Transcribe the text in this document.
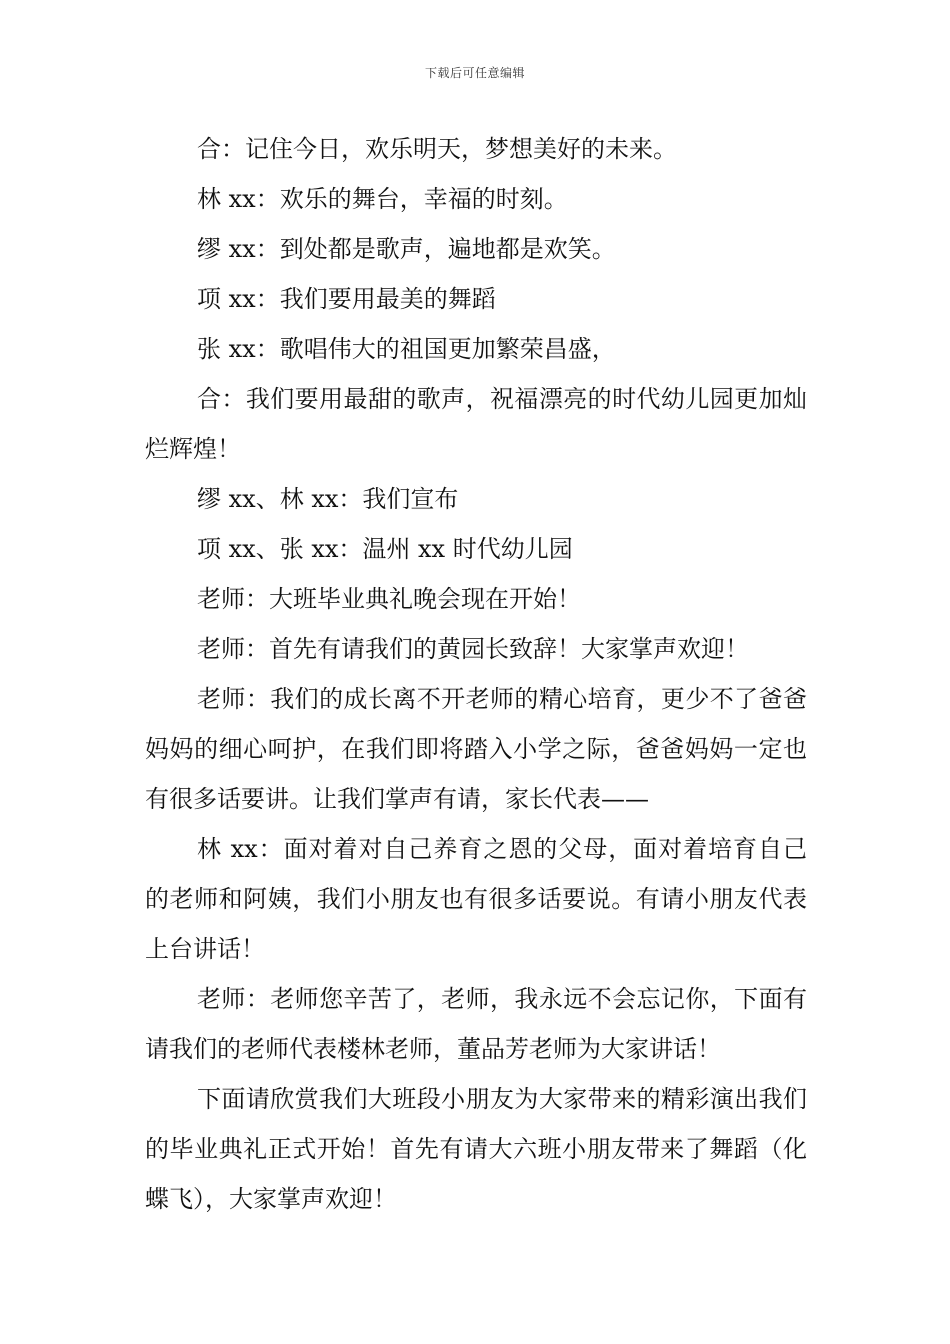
下载后可任意编辑

合：记住今日，欢乐明天，梦想美好的未来。

林 xx：欢乐的舞台，幸福的时刻。

缪 xx：到处都是歌声，遍地都是欢笑。

项 xx：我们要用最美的舞蹈

张 xx：歌唱伟大的祖国更加繁荣昌盛，

合：我们要用最甜的歌声，祝福漂亮的时代幼儿园更加灿烂辉煌！

缪 xx、林 xx：我们宣布

项 xx、张 xx：温州 xx 时代幼儿园

老师：大班毕业典礼晚会现在开始！

老师：首先有请我们的黄园长致辞！大家掌声欢迎！

老师：我们的成长离不开老师的精心培育，更少不了爸爸妈妈的细心呵护，在我们即将踏入小学之际，爸爸妈妈一定也有很多话要讲。让我们掌声有请，家长代表——

林 xx：面对着对自己养育之恩的父母，面对着培育自己的老师和阿姨，我们小朋友也有很多话要说。有请小朋友代表上台讲话！

老师：老师您辛苦了，老师，我永远不会忘记你，下面有请我们的老师代表楼林老师，董品芳老师为大家讲话！

下面请欣赏我们大班段小朋友为大家带来的精彩演出我们的毕业典礼正式开始！首先有请大六班小朋友带来了舞蹈（化蝶飞），大家掌声欢迎！
